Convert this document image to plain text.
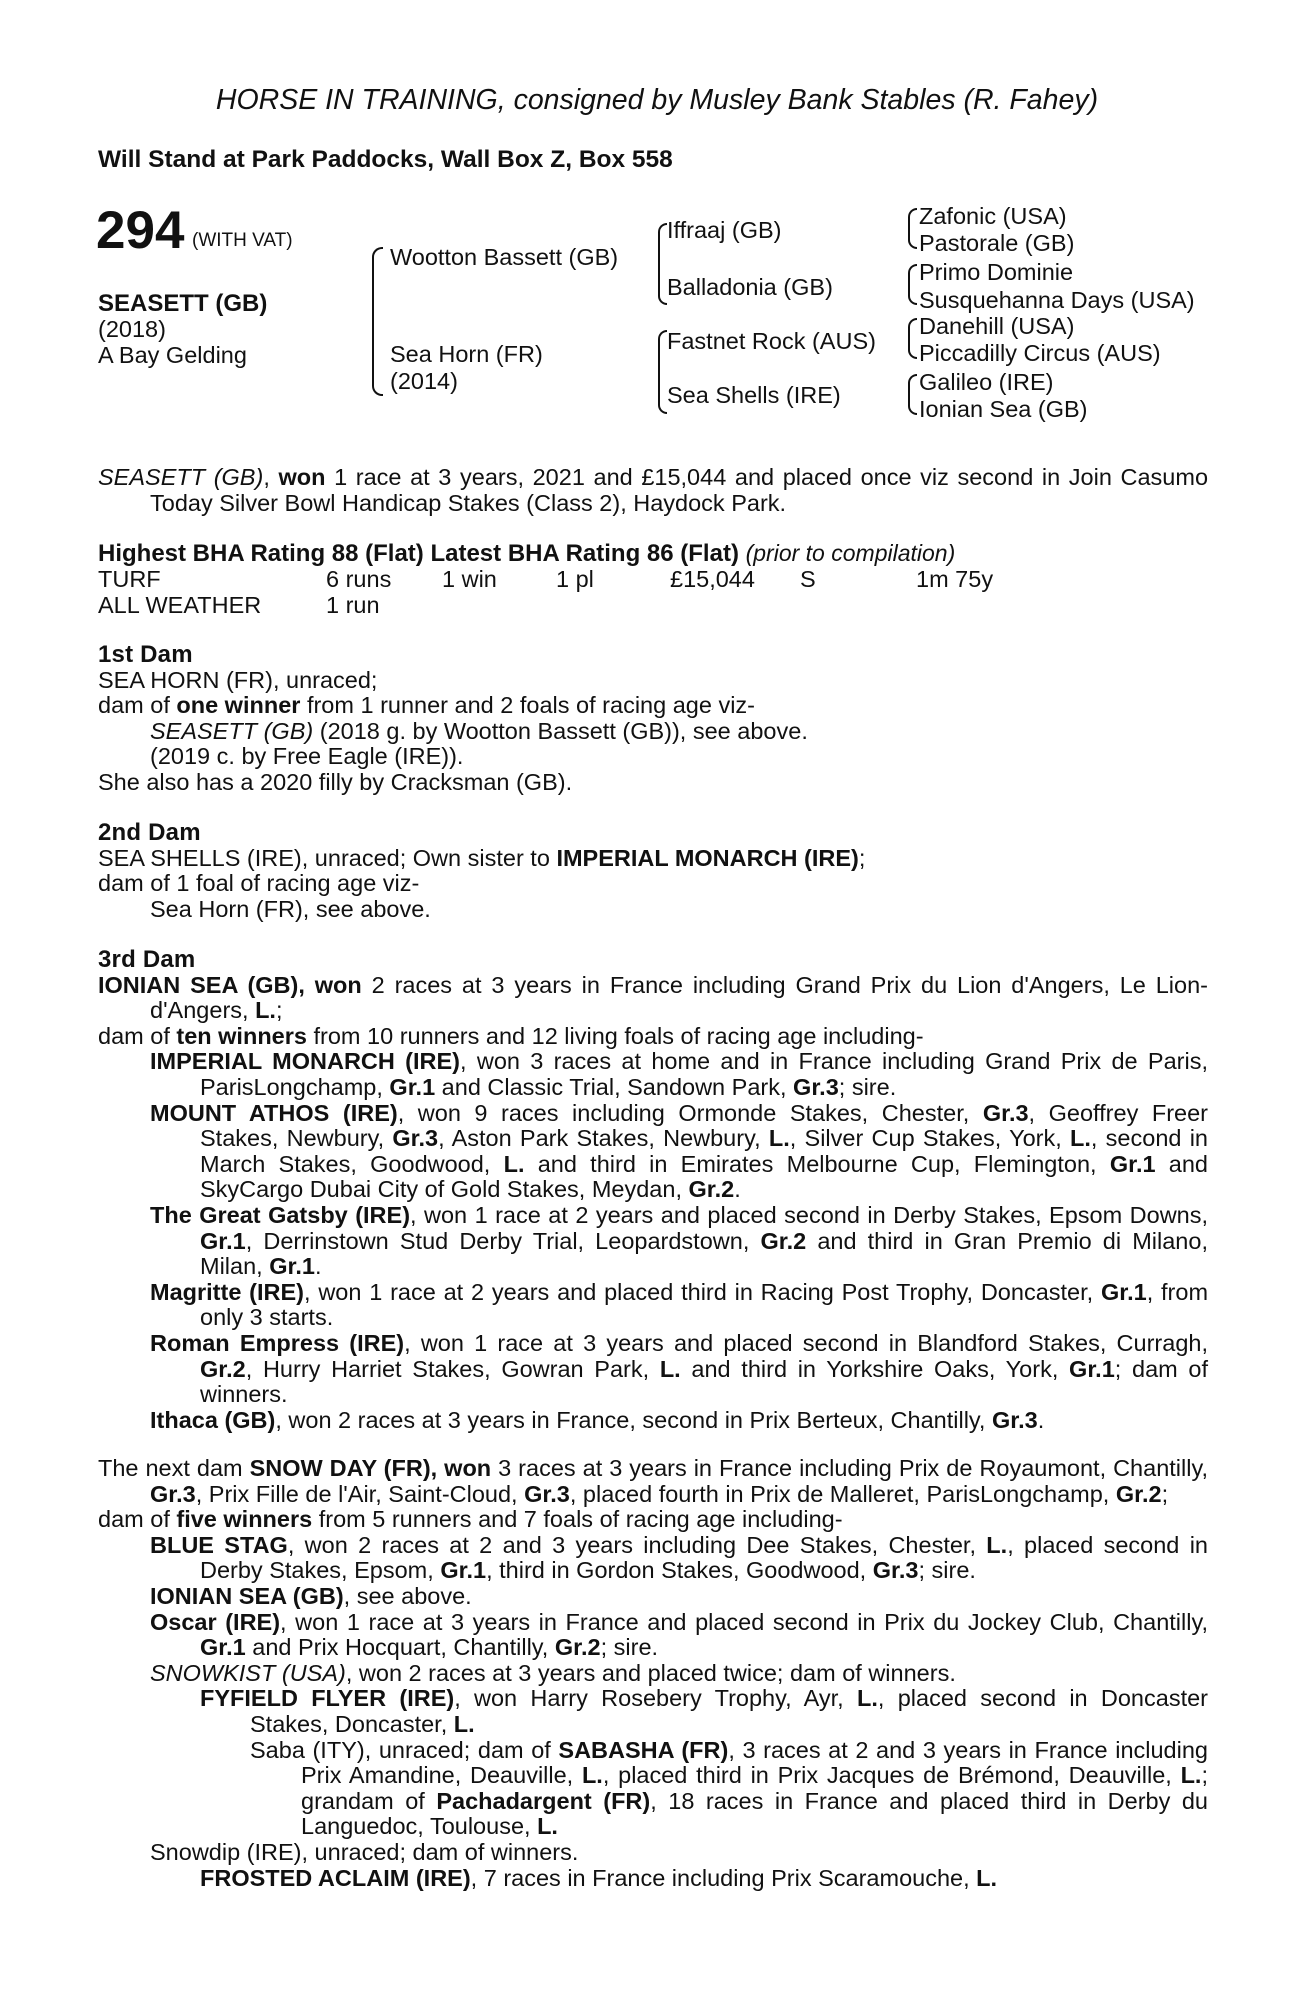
HORSE IN TRAINING, consigned by Musley Bank Stables (R. Fahey)
Will Stand at Park Paddocks, Wall Box Z, Box 558
294 (WITH VAT)
SEASETT (GB)
(2018)
A Bay Gelding
Wootton Bassett (GB)
Sea Horn (FR)
(2014)
Iffraaj (GB)
Balladonia (GB)
Fastnet Rock (AUS)
Sea Shells (IRE)
Zafonic (USA)
Pastorale (GB)
Primo Dominie
Susquehanna Days (USA)
Danehill (USA)
Piccadilly Circus (AUS)
Galileo (IRE)
Ionian Sea (GB)

SEASETT (GB), won 1 race at 3 years, 2021 and £15,044 and placed once viz second in Join Casumo Today Silver Bowl Handicap Stakes (Class 2), Haydock Park.

Highest BHA Rating 88 (Flat) Latest BHA Rating 86 (Flat) (prior to compilation)
TURF	6 runs 1 win	1 pl	£15,044 S	1m 75y
ALL WEATHER	1 run
1st Dam

SEA HORN (FR), unraced;

dam of one winner from 1 runner and 2 foals of racing age viz-

SEASETT (GB) (2018 g. by Wootton Bassett (GB)), see above.

(2019 c. by Free Eagle (IRE)).

She also has a 2020 filly by Cracksman (GB).

2nd Dam

SEA SHELLS (IRE), unraced; Own sister to IMPERIAL MONARCH (IRE);

dam of 1 foal of racing age viz-

Sea Horn (FR), see above.

3rd Dam

IONIAN SEA (GB), won 2 races at 3 years in France including Grand Prix du Lion d'Angers, Le Lion-d'Angers, L.;

dam of ten winners from 10 runners and 12 living foals of racing age including-

IMPERIAL MONARCH (IRE), won 3 races at home and in France including Grand Prix de Paris, ParisLongchamp, Gr.1 and Classic Trial, Sandown Park, Gr.3; sire.

MOUNT ATHOS (IRE), won 9 races including Ormonde Stakes, Chester, Gr.3, Geoffrey Freer Stakes, Newbury, Gr.3, Aston Park Stakes, Newbury, L., Silver Cup Stakes, York, L., second in March Stakes, Goodwood, L. and third in Emirates Melbourne Cup, Flemington, Gr.1 and SkyCargo Dubai City of Gold Stakes, Meydan, Gr.2.

The Great Gatsby (IRE), won 1 race at 2 years and placed second in Derby Stakes, Epsom Downs, Gr.1, Derrinstown Stud Derby Trial, Leopardstown, Gr.2 and third in Gran Premio di Milano, Milan, Gr.1.

Magritte (IRE), won 1 race at 2 years and placed third in Racing Post Trophy, Doncaster, Gr.1, from only 3 starts.

Roman Empress (IRE), won 1 race at 3 years and placed second in Blandford Stakes, Curragh, Gr.2, Hurry Harriet Stakes, Gowran Park, L. and third in Yorkshire Oaks, York, Gr.1; dam of winners.

Ithaca (GB), won 2 races at 3 years in France, second in Prix Berteux, Chantilly, Gr.3.

The next dam SNOW DAY (FR), won 3 races at 3 years in France including Prix de Royaumont, Chantilly, Gr.3, Prix Fille de l'Air, Saint-Cloud, Gr.3, placed fourth in Prix de Malleret, ParisLongchamp, Gr.2;

dam of five winners from 5 runners and 7 foals of racing age including-

BLUE STAG, won 2 races at 2 and 3 years including Dee Stakes, Chester, L., placed second in Derby Stakes, Epsom, Gr.1, third in Gordon Stakes, Goodwood, Gr.3; sire.

IONIAN SEA (GB), see above.

Oscar (IRE), won 1 race at 3 years in France and placed second in Prix du Jockey Club, Chantilly, Gr.1 and Prix Hocquart, Chantilly, Gr.2; sire.

SNOWKIST (USA), won 2 races at 3 years and placed twice; dam of winners.

FYFIELD FLYER (IRE), won Harry Rosebery Trophy, Ayr, L., placed second in Doncaster Stakes, Doncaster, L.

Saba (ITY), unraced; dam of SABASHA (FR), 3 races at 2 and 3 years in France including Prix Amandine, Deauville, L., placed third in Prix Jacques de Brémond, Deauville, L.; grandam of Pachadargent (FR), 18 races in France and placed third in Derby du Languedoc, Toulouse, L.

Snowdip (IRE), unraced; dam of winners.

FROSTED ACLAIM (IRE), 7 races in France including Prix Scaramouche, L.
